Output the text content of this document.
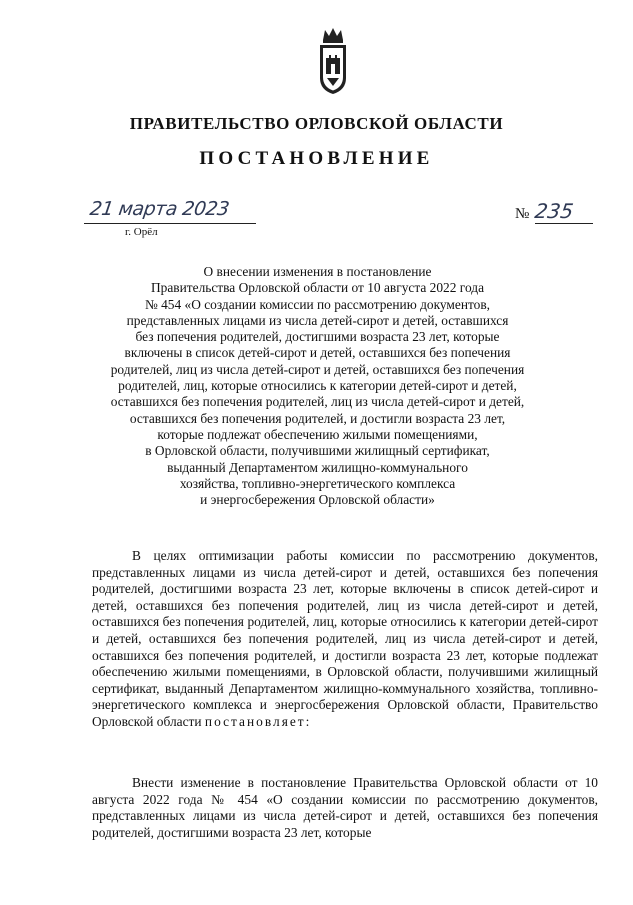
ПРАВИТЕЛЬСТВО ОРЛОВСКОЙ ОБЛАСТИ
ПОСТАНОВЛЕНИЕ
21 марта 2023
г. Орёл
№ 235
О внесении изменения в постановление
Правительства Орловской области от 10 августа 2022 года
№ 454 «О создании комиссии по рассмотрению документов,
представленных лицами из числа детей-сирот и детей, оставшихся
без попечения родителей, достигшими возраста 23 лет, которые
включены в список детей-сирот и детей, оставшихся без попечения
родителей, лиц из числа детей-сирот и детей, оставшихся без попечения
родителей, лиц, которые относились к категории детей-сирот и детей,
оставшихся без попечения родителей, лиц из числа детей-сирот и детей,
оставшихся без попечения родителей, и достигли возраста 23 лет,
которые подлежат обеспечению жилыми помещениями,
в Орловской области, получившими жилищный сертификат,
выданный Департаментом жилищно-коммунального
хозяйства, топливно-энергетического комплекса
и энергосбережения Орловской области»
В целях оптимизации работы комиссии по рассмотрению документов, представленных лицами из числа детей-сирот и детей, оставшихся без попечения родителей, достигшими возраста 23 лет, которые включены в список детей-сирот и детей, оставшихся без попечения родителей, лиц из числа детей-сирот и детей, оставшихся без попечения родителей, лиц, которые относились к категории детей-сирот и детей, оставшихся без попечения родителей, лиц из числа детей-сирот и детей, оставшихся без попечения родителей, и достигли возраста 23 лет, которые подлежат обеспечению жилыми помещениями, в Орловской области, получившими жилищный сертификат, выданный Департаментом жилищно-коммунального хозяйства, топливно-энергетического комплекса и энергосбережения Орловской области, Правительство Орловской области постановляет:
Внести изменение в постановление Правительства Орловской области от 10 августа 2022 года № 454 «О создании комиссии по рассмотрению документов, представленных лицами из числа детей-сирот и детей, оставшихся без попечения родителей, достигшими возраста 23 лет, которые
